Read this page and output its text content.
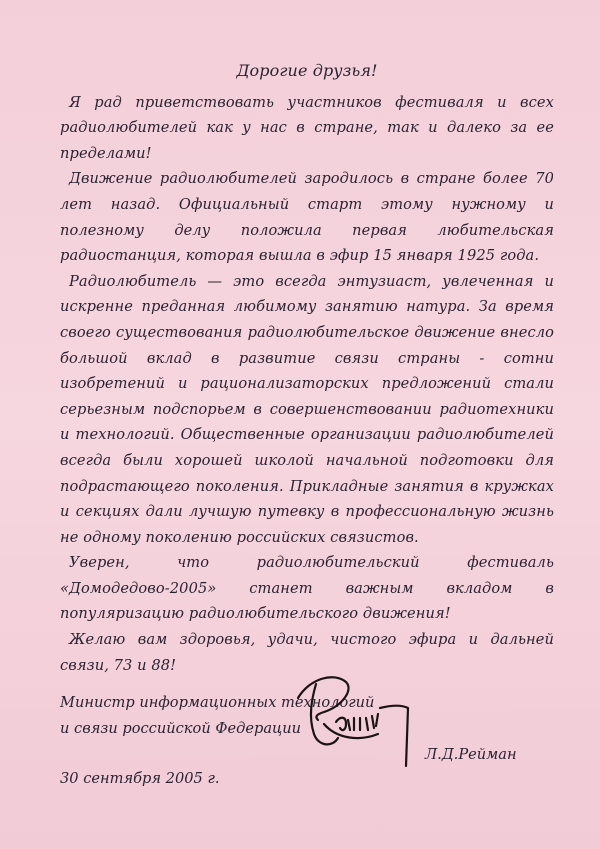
Дорогие друзья!

Я рад приветствовать участников фестиваля и всех радиолюбителей как у нас в стране, так и далеко за ее пределами!

Движение радиолюбителей зародилось в стране более 70 лет назад. Официальный старт этому нужному и полезному делу положила первая любительская радиостанция, которая вышла в эфир 15 января 1925 года.

Радиолюбитель — это всегда энтузиаст, увлеченная и искренне преданная любимому занятию натура. За время своего существования радиолюбительское движение внесло большой вклад в развитие связи страны - сотни изобретений и рационализаторских предложений стали серьезным подспорьем в совершенствовании радиотехники и технологий. Общественные организации радиолюбителей всегда были хорошей школой начальной подготовки для подрастающего поколения. Прикладные занятия в кружках и секциях дали лучшую путевку в профессиональную жизнь не одному поколению российских связистов.

Уверен, что радиолюбительский фестиваль «Домодедово-2005» станет важным вкладом в популяризацию радиолюбительского движения!

Желаю вам здоровья, удачи, чистого эфира и дальней связи, 73 и 88!

Министр информационных технологий
и связи российской Федерации
Л.Д.Рейман
30 сентября 2005 г.
